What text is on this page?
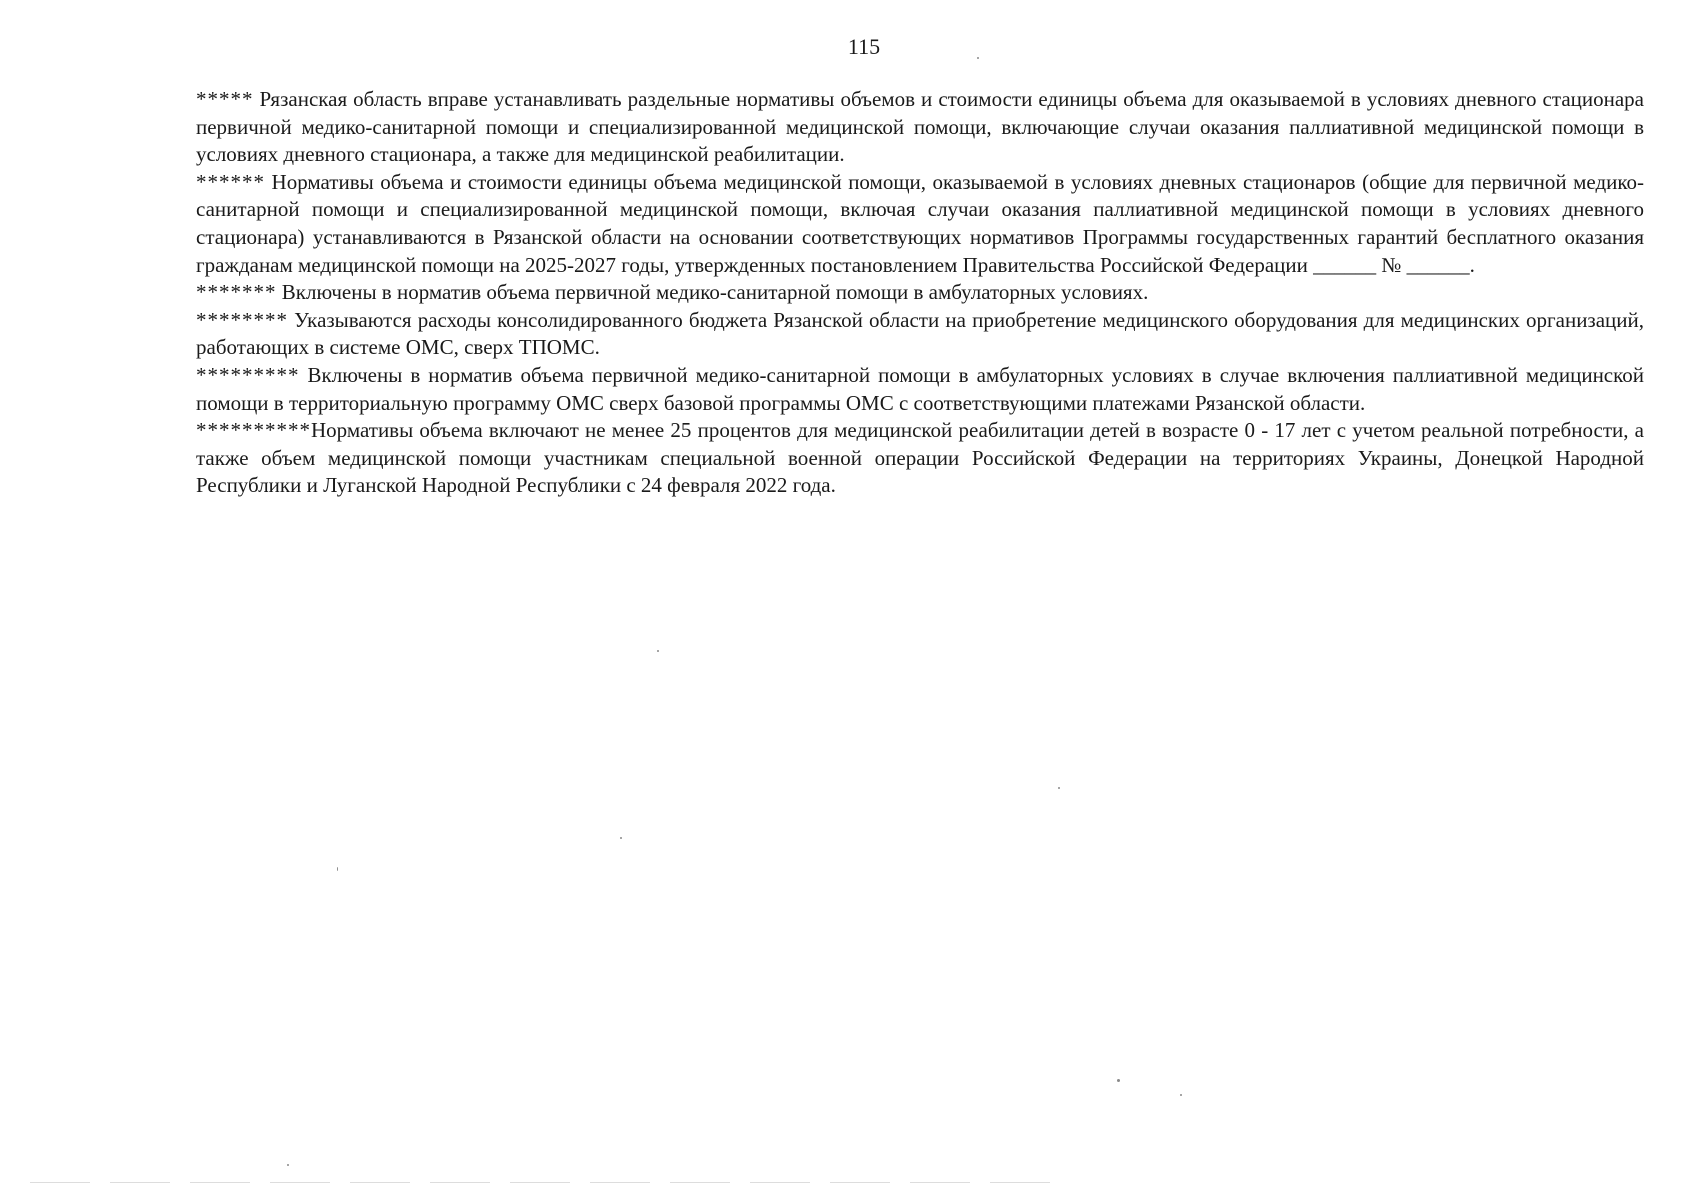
115

***** Рязанская область вправе устанавливать раздельные нормативы объемов и стоимости единицы объема для оказываемой в условиях дневного стационара первичной медико-санитарной помощи и специализированной медицинской помощи, включающие случаи оказания паллиативной медицинской помощи в условиях дневного стационара, а также для медицинской реабилитации.

****** Нормативы объема и стоимости единицы объема медицинской помощи, оказываемой в условиях дневных стационаров (общие для первичной медико-санитарной помощи и специализированной медицинской помощи, включая случаи оказания паллиативной медицинской помощи в условиях дневного стационара) устанавливаются в Рязанской области на основании соответствующих нормативов Программы государственных гарантий бесплатного оказания гражданам медицинской помощи на 2025-2027 годы, утвержденных постановлением Правительства Российской Федерации ______ № ______.

******* Включены в норматив объема первичной медико-санитарной помощи в амбулаторных условиях.

******** Указываются расходы консолидированного бюджета Рязанской области на приобретение медицинского оборудования для медицинских организаций, работающих в системе ОМС, сверх ТПОМС.

********* Включены в норматив объема первичной медико-санитарной помощи в амбулаторных условиях в случае включения паллиативной медицинской помощи в территориальную программу ОМС сверх базовой программы ОМС с соответствующими платежами Рязанской области.

**********Нормативы объема включают не менее 25 процентов для медицинской реабилитации детей в возрасте 0 - 17 лет с учетом реальной потребности, а также объем медицинской помощи участникам специальной военной операции Российской Федерации на территориях Украины, Донецкой Народной Республики и Луганской Народной Республики с 24 февраля 2022 года.
